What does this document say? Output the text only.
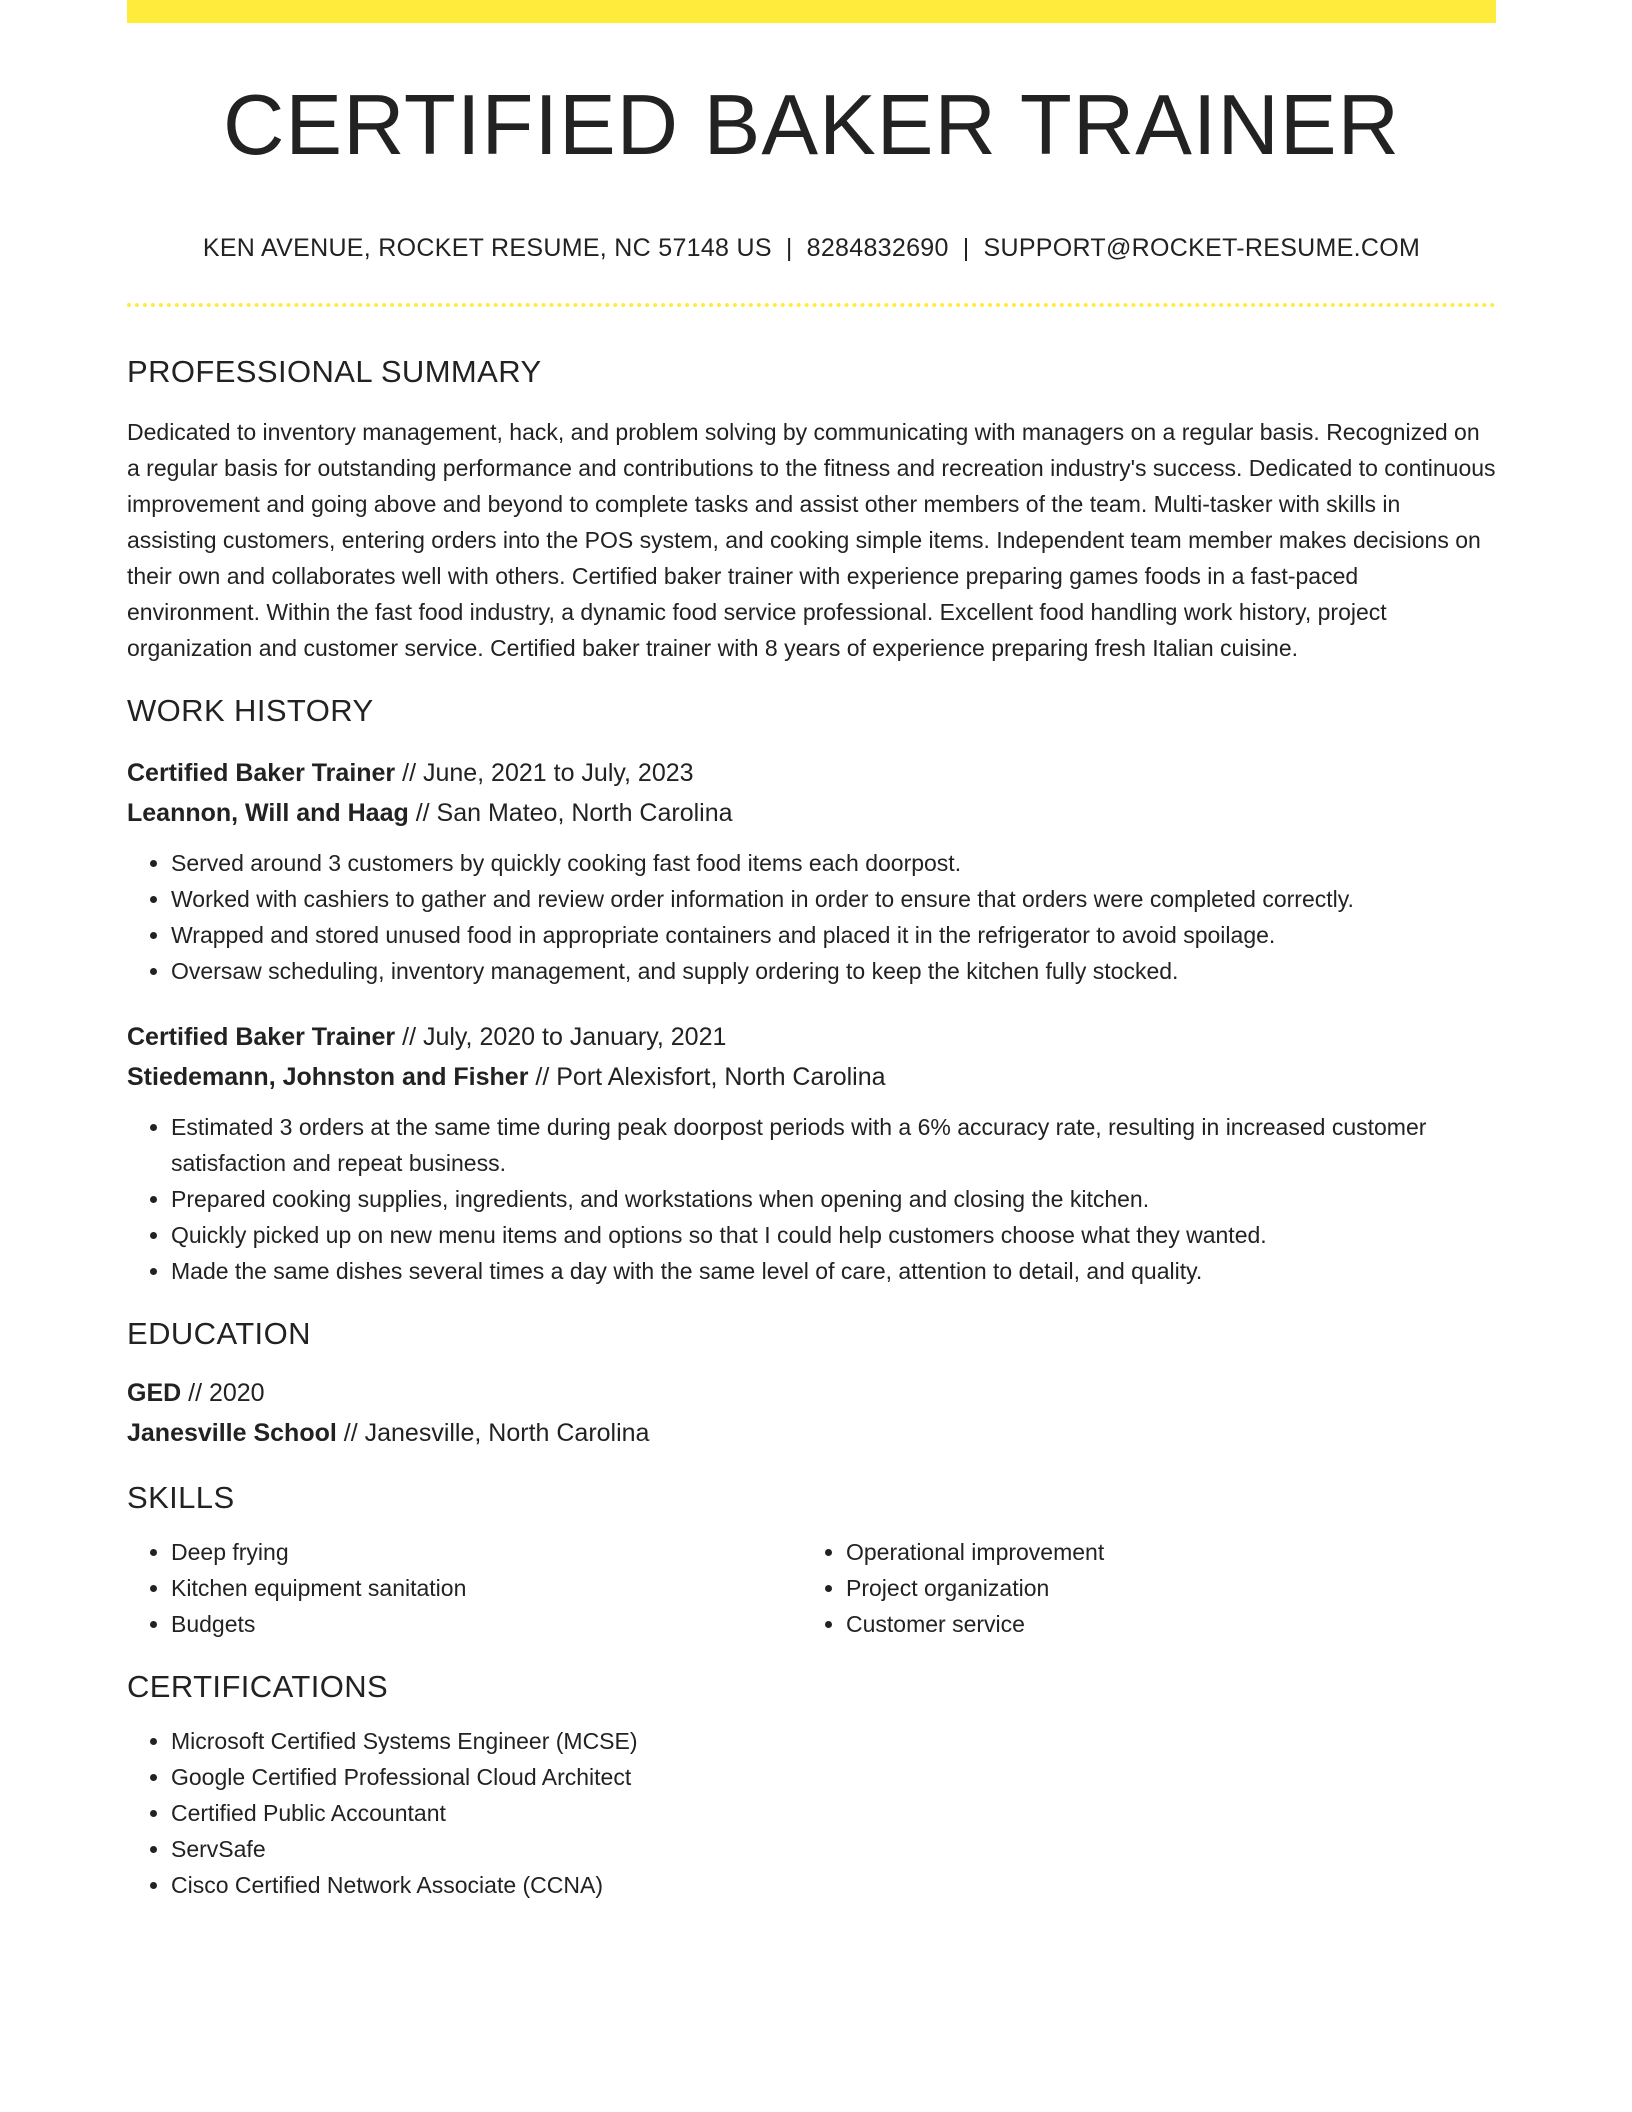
CERTIFIED BAKER TRAINER
KEN AVENUE, ROCKET RESUME, NC 57148 US | 8284832690 | SUPPORT@ROCKET-RESUME.COM
PROFESSIONAL SUMMARY

Dedicated to inventory management, hack, and problem solving by communicating with managers on a regular basis. Recognized on a regular basis for outstanding performance and contributions to the fitness and recreation industry's success. Dedicated to continuous improvement and going above and beyond to complete tasks and assist other members of the team. Multi-tasker with skills in assisting customers, entering orders into the POS system, and cooking simple items. Independent team member makes decisions on their own and collaborates well with others. Certified baker trainer with experience preparing games foods in a fast-paced environment. Within the fast food industry, a dynamic food service professional. Excellent food handling work history, project organization and customer service. Certified baker trainer with 8 years of experience preparing fresh Italian cuisine.

WORK HISTORY
Certified Baker Trainer // June, 2021 to July, 2023
Leannon, Will and Haag // San Mateo, North Carolina
• Served around 3 customers by quickly cooking fast food items each doorpost.
• Worked with cashiers to gather and review order information in order to ensure that orders were completed correctly.
• Wrapped and stored unused food in appropriate containers and placed it in the refrigerator to avoid spoilage.
• Oversaw scheduling, inventory management, and supply ordering to keep the kitchen fully stocked.
Certified Baker Trainer // July, 2020 to January, 2021
Stiedemann, Johnston and Fisher // Port Alexisfort, North Carolina
• Estimated 3 orders at the same time during peak doorpost periods with a 6% accuracy rate, resulting in increased customer satisfaction and repeat business.
• Prepared cooking supplies, ingredients, and workstations when opening and closing the kitchen.
• Quickly picked up on new menu items and options so that I could help customers choose what they wanted.
• Made the same dishes several times a day with the same level of care, attention to detail, and quality.
EDUCATION
GED // 2020
Janesville School // Janesville, North Carolina
SKILLS
• Deep frying
• Kitchen equipment sanitation
• Budgets
• Operational improvement
• Project organization
• Customer service
CERTIFICATIONS
• Microsoft Certified Systems Engineer (MCSE)
• Google Certified Professional Cloud Architect
• Certified Public Accountant
• ServSafe
• Cisco Certified Network Associate (CCNA)
